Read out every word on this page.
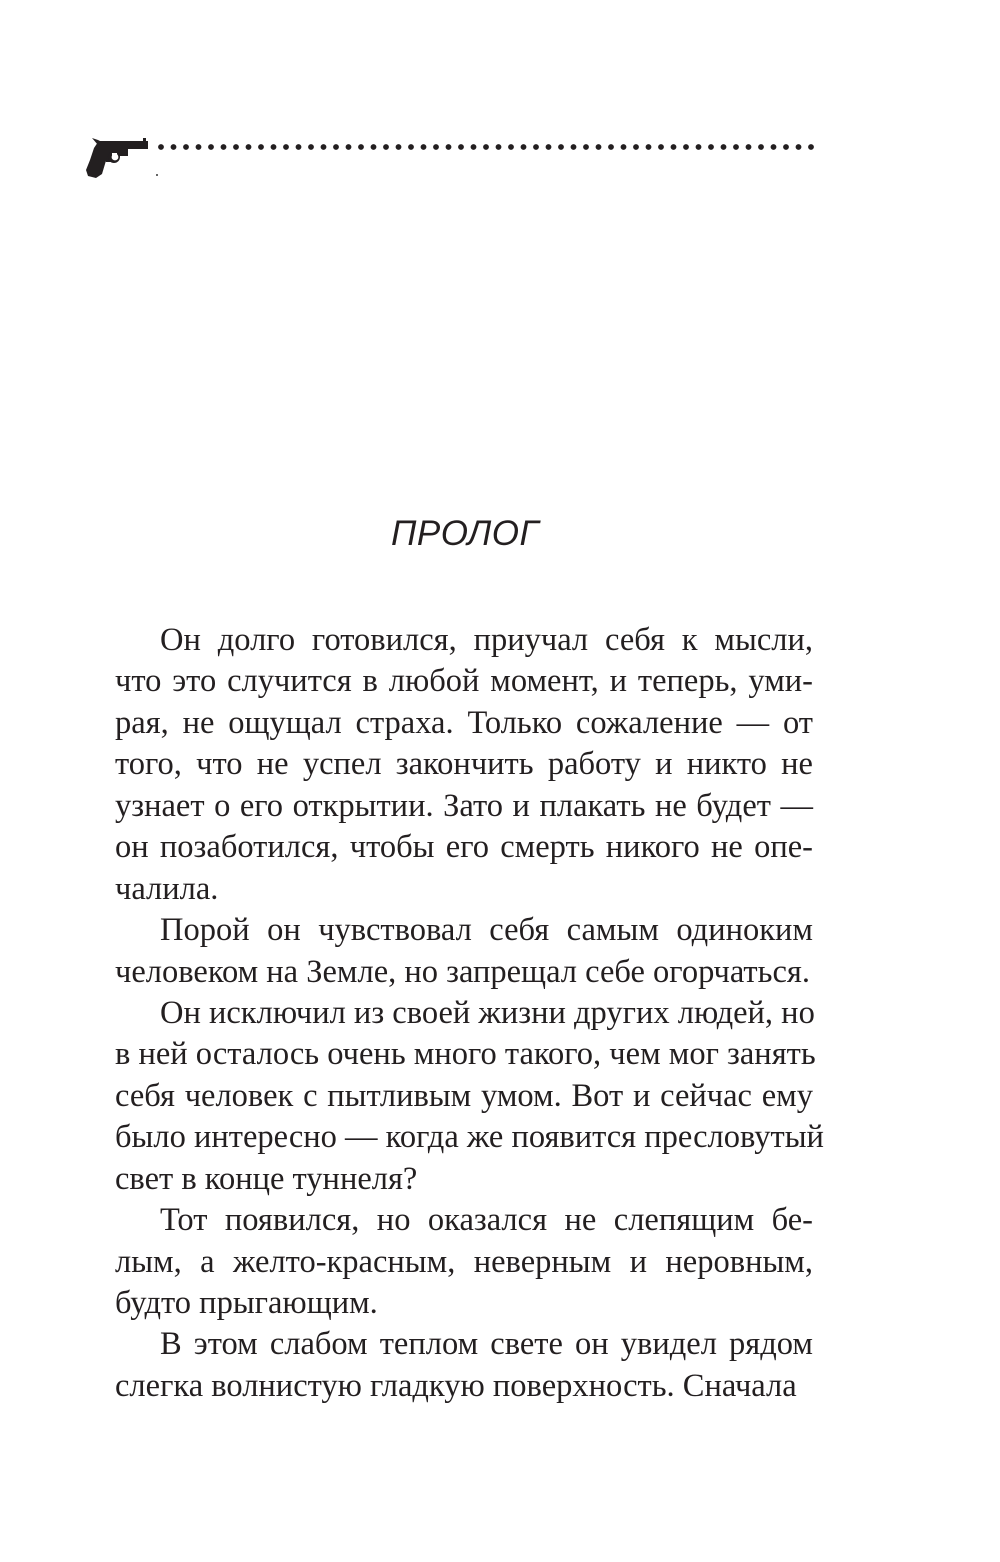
ПРОЛОГ
Он долго готовился, приучал себя к мысли,
что это случится в любой момент, и теперь, уми-
рая, не ощущал страха. Только сожаление — от
того, что не успел закончить работу и никто не
узнает о его открытии. Зато и плакать не будет —
он позаботился, чтобы его смерть никого не опе-
чалила.
Порой он чувствовал себя самым одиноким
человеком на Земле, но запрещал себе огорчаться.
Он исключил из своей жизни других людей, но
в ней осталось очень много такого, чем мог занять
себя человек с пытливым умом. Вот и сейчас ему
было интересно — когда же появится пресловутый
свет в конце туннеля?
Тот появился, но оказался не слепящим бе-
лым, а желто-красным, неверным и неровным,
будто прыгающим.
В этом слабом теплом свете он увидел рядом
слегка волнистую гладкую поверхность. Сначала
